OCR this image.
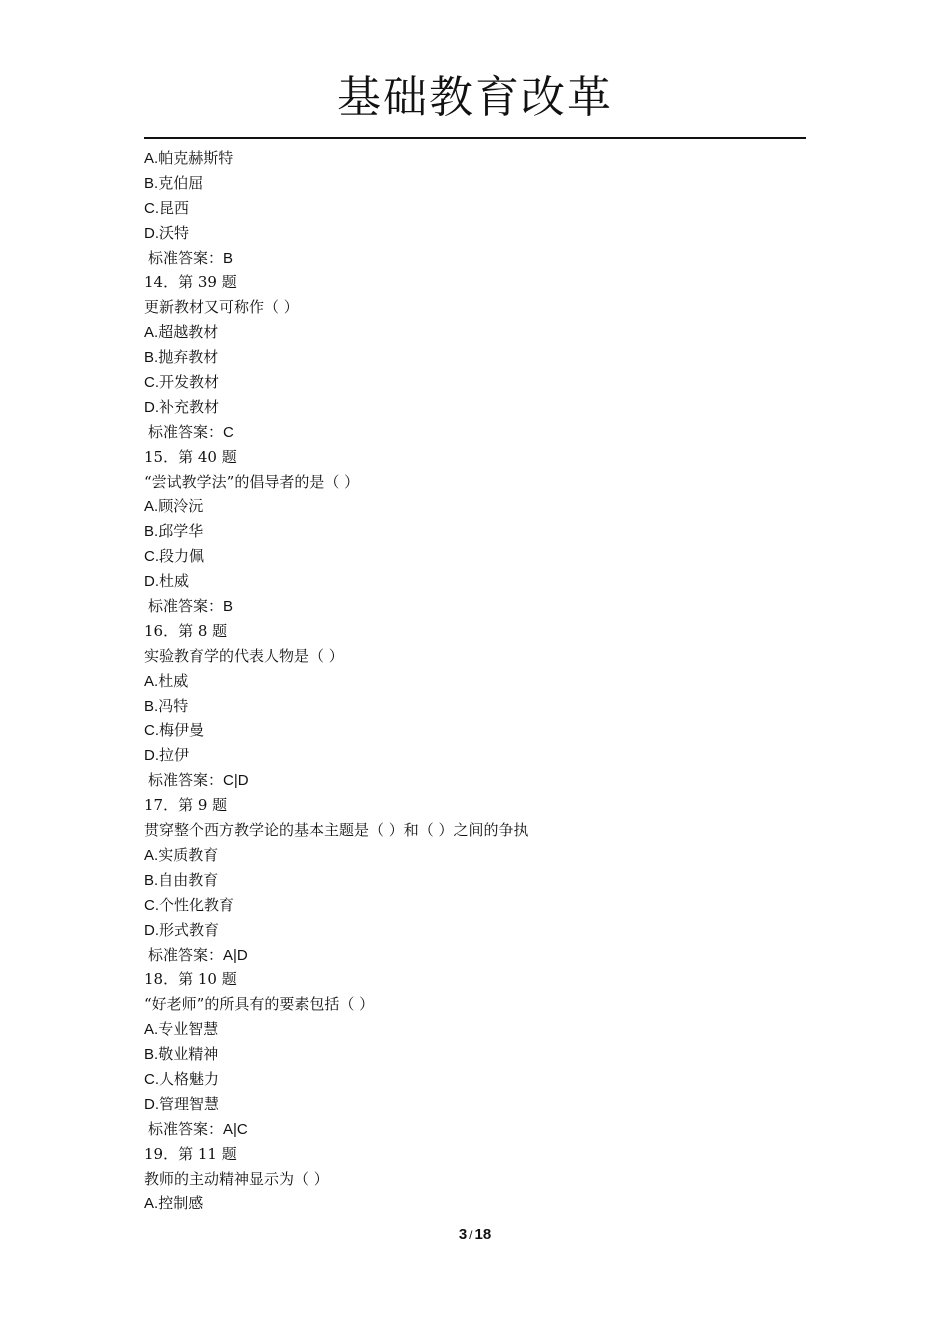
基础教育改革
A.帕克赫斯特
B.克伯屈
C.昆西
D.沃特
标准答案：B
14．第 39 题
更新教材又可称作（ ）
A.超越教材
B.抛弃教材
C.开发教材
D.补充教材
标准答案：C
15．第 40 题
“尝试教学法”的倡导者的是（ ）
A.顾泠沅
B.邱学华
C.段力佩
D.杜威
标准答案：B
16．第 8 题
实验教育学的代表人物是（ ）
A.杜威
B.冯特
C.梅伊曼
D.拉伊
标准答案：C|D
17．第 9 题
贯穿整个西方教学论的基本主题是（ ）和（ ）之间的争执
A.实质教育
B.自由教育
C.个性化教育
D.形式教育
标准答案：A|D
18．第 10 题
“好老师”的所具有的要素包括（ ）
A.专业智慧
B.敬业精神
C.人格魅力
D.管理智慧
标准答案：A|C
19．第 11 题
教师的主动精神显示为（ ）
A.控制感
3 / 18
